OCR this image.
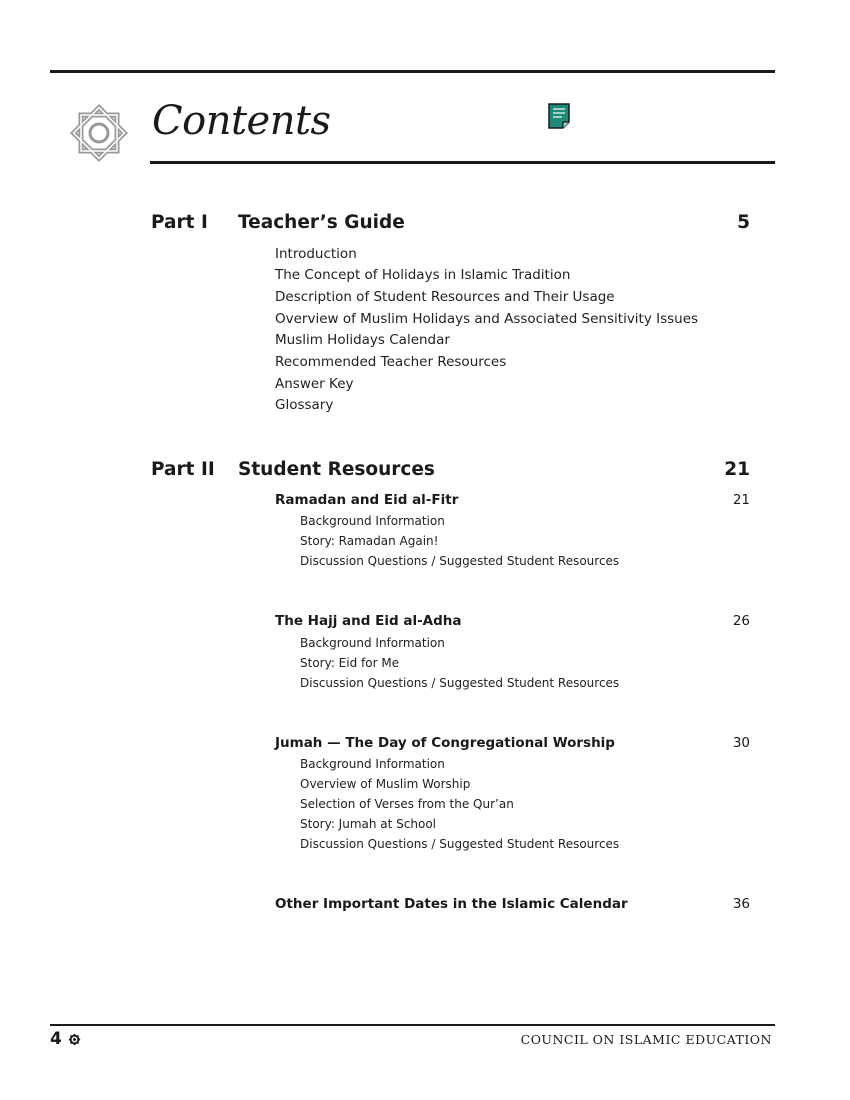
Contents
Part I Teacher’s Guide	5
Introduction
The Concept of Holidays in Islamic Tradition
Description of Student Resources and Their Usage
Overview of Muslim Holidays and Associated Sensitivity Issues
Muslim Holidays Calendar
Recommended Teacher Resources
Answer Key
Glossary
Part II Student Resources	21
Ramadan and Eid al-Fitr	21
Background Information
Story: Ramadan Again!
Discussion Questions / Suggested Student Resources
The Hajj and Eid al-Adha	26
Background Information
Story: Eid for Me
Discussion Questions / Suggested Student Resources
Jumah — The Day of Congregational Worship	30
Background Information
Overview of Muslim Worship
Selection of Verses from the Qur’an
Story: Jumah at School
Discussion Questions / Suggested Student Resources
Other Important Dates in the Islamic Calendar	36
4	COUNCIL ON ISLAMIC EDUCATION
